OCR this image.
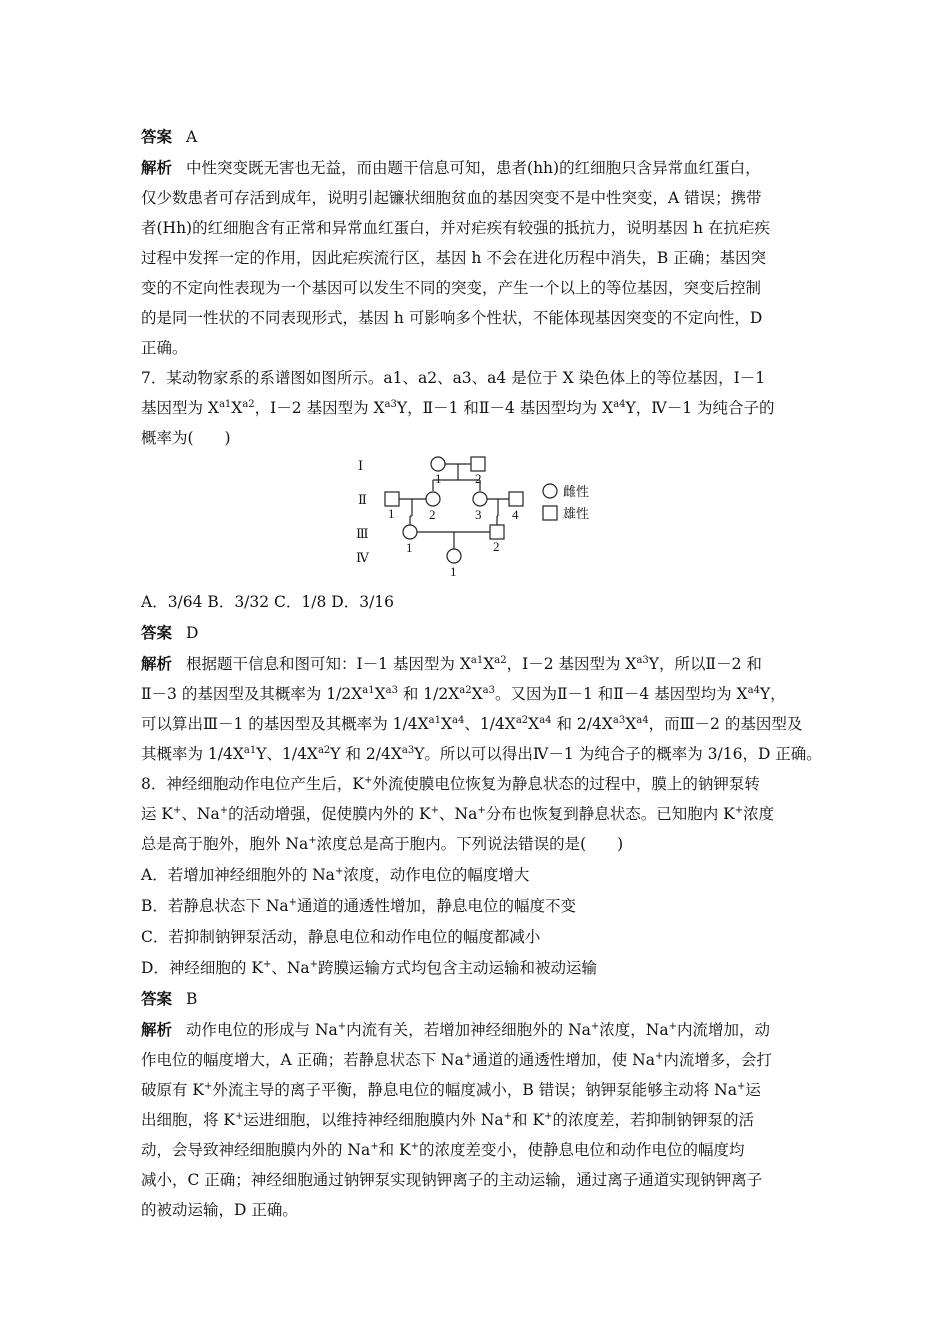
答案 A
解析 中性突变既无害也无益，而由题干信息可知，患者(hh)的红细胞只含异常血红蛋白，
仅少数患者可存活到成年，说明引起镰状细胞贫血的基因突变不是中性突变，A 错误；携带
者(Hh)的红细胞含有正常和异常血红蛋白，并对疟疾有较强的抵抗力，说明基因 h 在抗疟疾
过程中发挥一定的作用，因此疟疾流行区，基因 h 不会在进化历程中消失，B 正确；基因突
变的不定向性表现为一个基因可以发生不同的突变，产生一个以上的等位基因，突变后控制
的是同一性状的不同表现形式，基因 h 可影响多个性状，不能体现基因突变的不定向性，D
正确。
7．某动物家系的系谱图如图所示。a1、a2、a3、a4 是位于 X 染色体上的等位基因，Ⅰ－1
基因型为 $X^{a1}X^{a2}$，Ⅰ－2 基因型为 $X^{a3}Y$，Ⅱ－1 和Ⅱ－4 基因型均为 $X^{a4}Y$，Ⅳ－1 为纯合子的
概率为(　　)
Ⅰ
Ⅱ
Ⅲ
Ⅳ
1	2
1	2	3 4
1	2
1
雌性
雄性
A．3/64 B．3/32 C．1/8 D．3/16
答案 D
解析 根据题干信息和图可知：Ⅰ－1 基因型为 $X^{a1}X^{a2}$，Ⅰ－2 基因型为 $X^{a3}Y$，所以Ⅱ－2 和
Ⅱ－3 的基因型及其概率为 $1/2X^{a1}X^{a3}$ 和 $1/2X^{a2}X^{a3}$。又因为Ⅱ－1 和Ⅱ－4 基因型均为 $X^{a4}Y$，
可以算出Ⅲ－1 的基因型及其概率为 $1/4X^{a1}X^{a4}$、$1/4X^{a2}X^{a4}$ 和 $2/4X^{a3}X^{a4}$，而Ⅲ－2 的基因型及
其概率为 $1/4X^{a1}Y$、$1/4X^{a2}Y$ 和 $2/4X^{a3}Y$。所以可以得出Ⅳ－1 为纯合子的概率为 3/16，D 正确。
8．神经细胞动作电位产生后，K+外流使膜电位恢复为静息状态的过程中，膜上的钠钾泵转
运 K+、Na+的活动增强，促使膜内外的 K+、Na+分布也恢复到静息状态。已知胞内 K+浓度
总是高于胞外，胞外 Na+浓度总是高于胞内。下列说法错误的是(　　)
A．若增加神经细胞外的 Na+浓度，动作电位的幅度增大
B．若静息状态下 Na+通道的通透性增加，静息电位的幅度不变
C．若抑制钠钾泵活动，静息电位和动作电位的幅度都减小
D．神经细胞的 K+、Na+跨膜运输方式均包含主动运输和被动运输
答案 B
解析 动作电位的形成与 Na+内流有关，若增加神经细胞外的 Na+浓度，Na+内流增加，动
作电位的幅度增大，A 正确；若静息状态下 Na+通道的通透性增加，使 Na+内流增多，会打
破原有 K+外流主导的离子平衡，静息电位的幅度减小，B 错误；钠钾泵能够主动将 Na+运
出细胞，将 K+运进细胞，以维持神经细胞膜内外 Na+和 K+的浓度差，若抑制钠钾泵的活
动，会导致神经细胞膜内外的 Na+和 K+的浓度差变小，使静息电位和动作电位的幅度均
减小，C 正确；神经细胞通过钠钾泵实现钠钾离子的主动运输，通过离子通道实现钠钾离子
的被动运输，D 正确。
